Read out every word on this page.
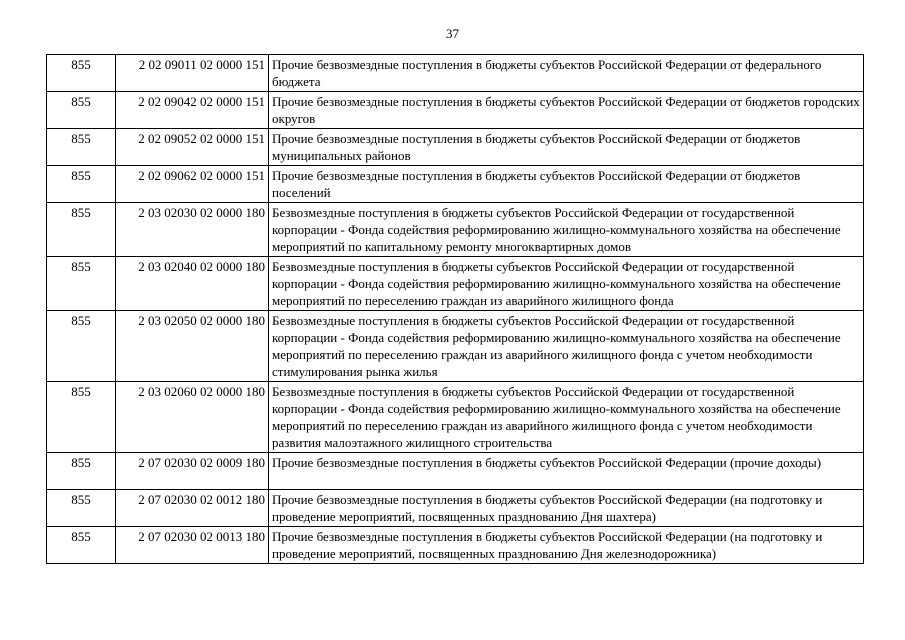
37
855	2 02 09011 02 0000 151	Прочие безвозмездные поступления в бюджеты субъектов Российской Федерации от федерального бюджета
855	2 02 09042 02 0000 151	Прочие безвозмездные поступления в бюджеты субъектов Российской Федерации от бюджетов городских округов
855	2 02 09052 02 0000 151	Прочие безвозмездные поступления в бюджеты субъектов Российской Федерации от бюджетов муниципальных районов
855	2 02 09062 02 0000 151	Прочие безвозмездные поступления в бюджеты субъектов Российской Федерации от бюджетов поселений
855	2 03 02030 02 0000 180	Безвозмездные поступления в бюджеты субъектов Российской Федерации от государственной корпорации - Фонда содействия реформированию жилищно-коммунального хозяйства на обеспечение мероприятий по капитальному ремонту многоквартирных домов
855	2 03 02040 02 0000 180	Безвозмездные поступления в бюджеты субъектов Российской Федерации от государственной корпорации - Фонда содействия реформированию жилищно-коммунального хозяйства на обеспечение мероприятий по переселению граждан из аварийного жилищного фонда
855	2 03 02050 02 0000 180	Безвозмездные поступления в бюджеты субъектов Российской Федерации от государственной корпорации - Фонда содействия реформированию жилищно-коммунального хозяйства на обеспечение мероприятий по переселению граждан из аварийного жилищного фонда с учетом необходимости стимулирования рынка жилья
855	2 03 02060 02 0000 180	Безвозмездные поступления в бюджеты субъектов Российской Федерации от государственной корпорации - Фонда содействия реформированию жилищно-коммунального хозяйства на обеспечение мероприятий по переселению граждан из аварийного жилищного фонда с учетом необходимости развития малоэтажного жилищного строительства
855	2 07 02030 02 0009 180	Прочие безвозмездные поступления в бюджеты субъектов Российской Федерации (прочие доходы)
855	2 07 02030 02 0012 180	Прочие безвозмездные поступления в бюджеты субъектов Российской Федерации (на подготовку и проведение мероприятий, посвященных празднованию Дня шахтера)
855	2 07 02030 02 0013 180	Прочие безвозмездные поступления в бюджеты субъектов Российской Федерации (на подготовку и проведение мероприятий, посвященных празднованию Дня железнодорожника)
